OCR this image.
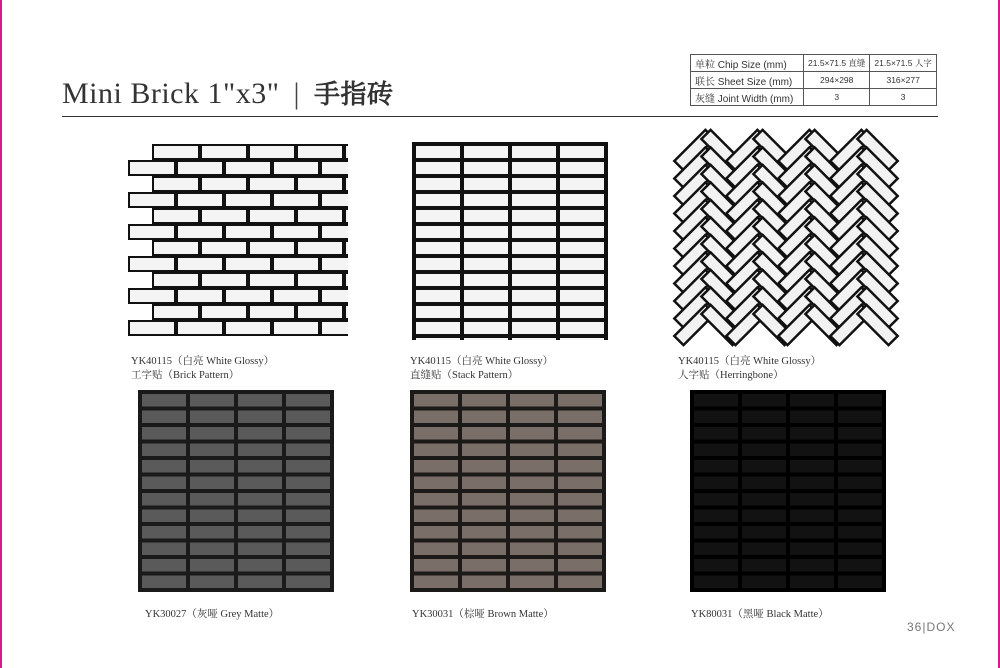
Mini Brick 1"x3" | 手指砖
单粒 Chip Size (mm)	21.5×71.5 直缝	21.5×71.5 人字
联长 Sheet Size (mm)	294×298	316×277
灰缝 Joint Width (mm)	3	3
YK40115（白亮 White Glossy）
工字贴（Brick Pattern）
YK40115（白亮 White Glossy）
直缝贴（Stack Pattern）
YK40115（白亮 White Glossy）
人字贴（Herringbone）
YK30027（灰哑 Grey Matte）	YK30031（棕哑 Brown Matte）	YK80031（黑哑 Black Matte）
36|DOX
